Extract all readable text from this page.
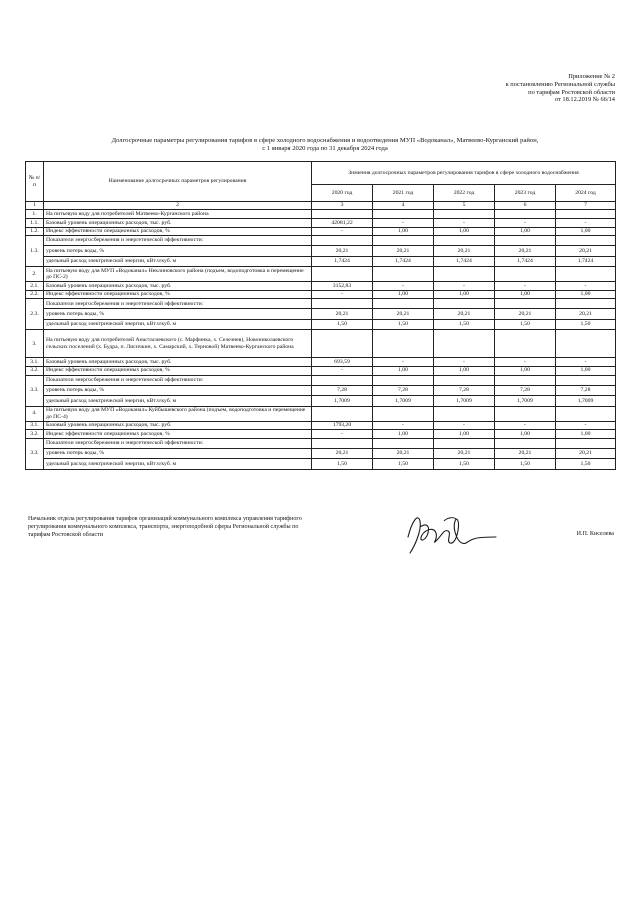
Приложение № 2
к постановлению Региональной службы
по тарифам Ростовской области
от 18.12.2019 № 66/14
Долгосрочные параметры регулирования тарифов в сфере холодного водоснабжения и водоотведения МУП «Водоканал», Матвеево-Курганский район,
с 1 января 2020 года по 31 декабря 2024 года
№ п/п	Наименование долгосрочных параметров регулирования	Значения долгосрочных параметров регулирования тарифов в сфере холодного водоснабжения				
		2020 год	2021 год	2022 год	2023 год	2024 год
1	2	3	4	5	6	7
1.	На питьевую воду для потребителей Матвеево-Курганского района					
1.1.	Базовый уровень операционных расходов, тыс. руб.	42081,22	-	-	-	-
1.2.	Индекс эффективности операционных расходов, %	-	1,00	1,00	1,00	1,00
1.3.	Показатели энергосбережения и энергетической эффективности:					
	уровень потерь воды, %	20,21	20,21	20,21	20,21	20,21
	удельный расход электрической энергии, кВт.ч/куб. м	1,7424	1,7424	1,7424	1,7424	1,7424
2.	На питьевую воду для МУП «Водоканал» Неклиновского района (подъем, водоподготовка и перемещение до ПС-2)					
2.1.	Базовый уровень операционных расходов, тыс. руб.	3152,83	-	-	-	-
2.2.	Индекс эффективности операционных расходов, %	-	1,00	1,00	1,00	1,00
2.3.	Показатели энергосбережения и энергетической эффективности:					
	уровень потерь воды, %	20,21	20,21	20,21	20,21	20,21
	удельный расход электрической энергии, кВт.ч/куб. м	1,50	1,50	1,50	1,50	1,50
3.	На питьевую воду для потребителей Анастасиевского (с. Марфинка, х. Селезнев), Новониколаевского сельских поселений (х. Будра, п. Лисичкин, х. Самарский, х. Терновой) Матвеево-Курганского района					
3.1.	Базовый уровень операционных расходов, тыс. руб.	693,59	-	-	-	-
3.2.	Индекс эффективности операционных расходов, %	-	1,00	1,00	1,00	1,00
3.3.	Показатели энергосбережения и энергетической эффективности:					
	уровень потерь воды, %	7,28	7,28	7,28	7,28	7,28
	удельный расход электрической энергии, кВт.ч/куб. м	1,7009	1,7009	1,7009	1,7009	1,7009
4.	На питьевую воду для МУП «Водоканал» Куйбышевского района (подъем, водоподготовка и перемещение до ПС-4)					
3.1.	Базовый уровень операционных расходов, тыс. руб.	1793,20	-	-	-	-
3.2.	Индекс эффективности операционных расходов, %	-	1,00	1,00	1,00	1,00
3.3.	Показатели энергосбережения и энергетической эффективности:					
	уровень потерь воды, %	20,21	20,21	20,21	20,21	20,21
	удельный расход электрической энергии, кВт.ч/куб. м	1,50	1,50	1,50	1,50	1,50
Начальник отдела регулирования тарифов организаций коммунального комплекса управления тарифного регулирования коммунального комплекса, транспорта, энергоподобной сферы Региональной службы по тарифам Ростовской области	И.П. Киселева
